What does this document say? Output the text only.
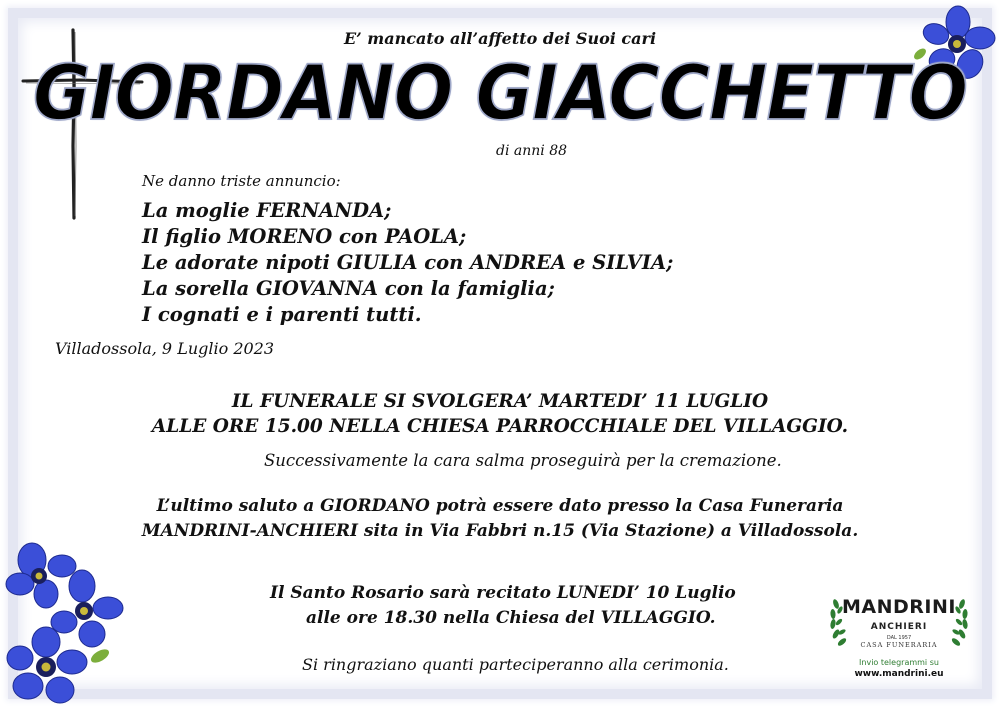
E’ mancato all’affetto dei Suoi cari
GIORDANO GIACCHETTO
di anni 88
Ne danno triste annuncio:
La moglie FERNANDA;
Il figlio MORENO con PAOLA;
Le adorate nipoti GIULIA con ANDREA e SILVIA;
La sorella GIOVANNA con la famiglia;
I cognati e i parenti tutti.
Villadossola, 9 Luglio 2023
IL FUNERALE SI SVOLGERA’ MARTEDI’ 11 LUGLIO
ALLE ORE 15.00 NELLA CHIESA PARROCCHIALE DEL VILLAGGIO.
Successivamente la cara salma proseguirà per la cremazione.
L’ultimo saluto a GIORDANO potrà essere dato presso la Casa Funeraria
MANDRINI-ANCHIERI sita in Via Fabbri n.15 (Via Stazione) a Villadossola.
Il Santo Rosario sarà recitato LUNEDI’ 10 Luglio
alle ore 18.30 nella Chiesa del VILLAGGIO.
Si ringraziano quanti parteciperanno alla cerimonia.
MANDRINI
ANCHIERI
DAL 1957
CASA FUNERARIA
Invio telegrammi su
www.mandrini.eu
